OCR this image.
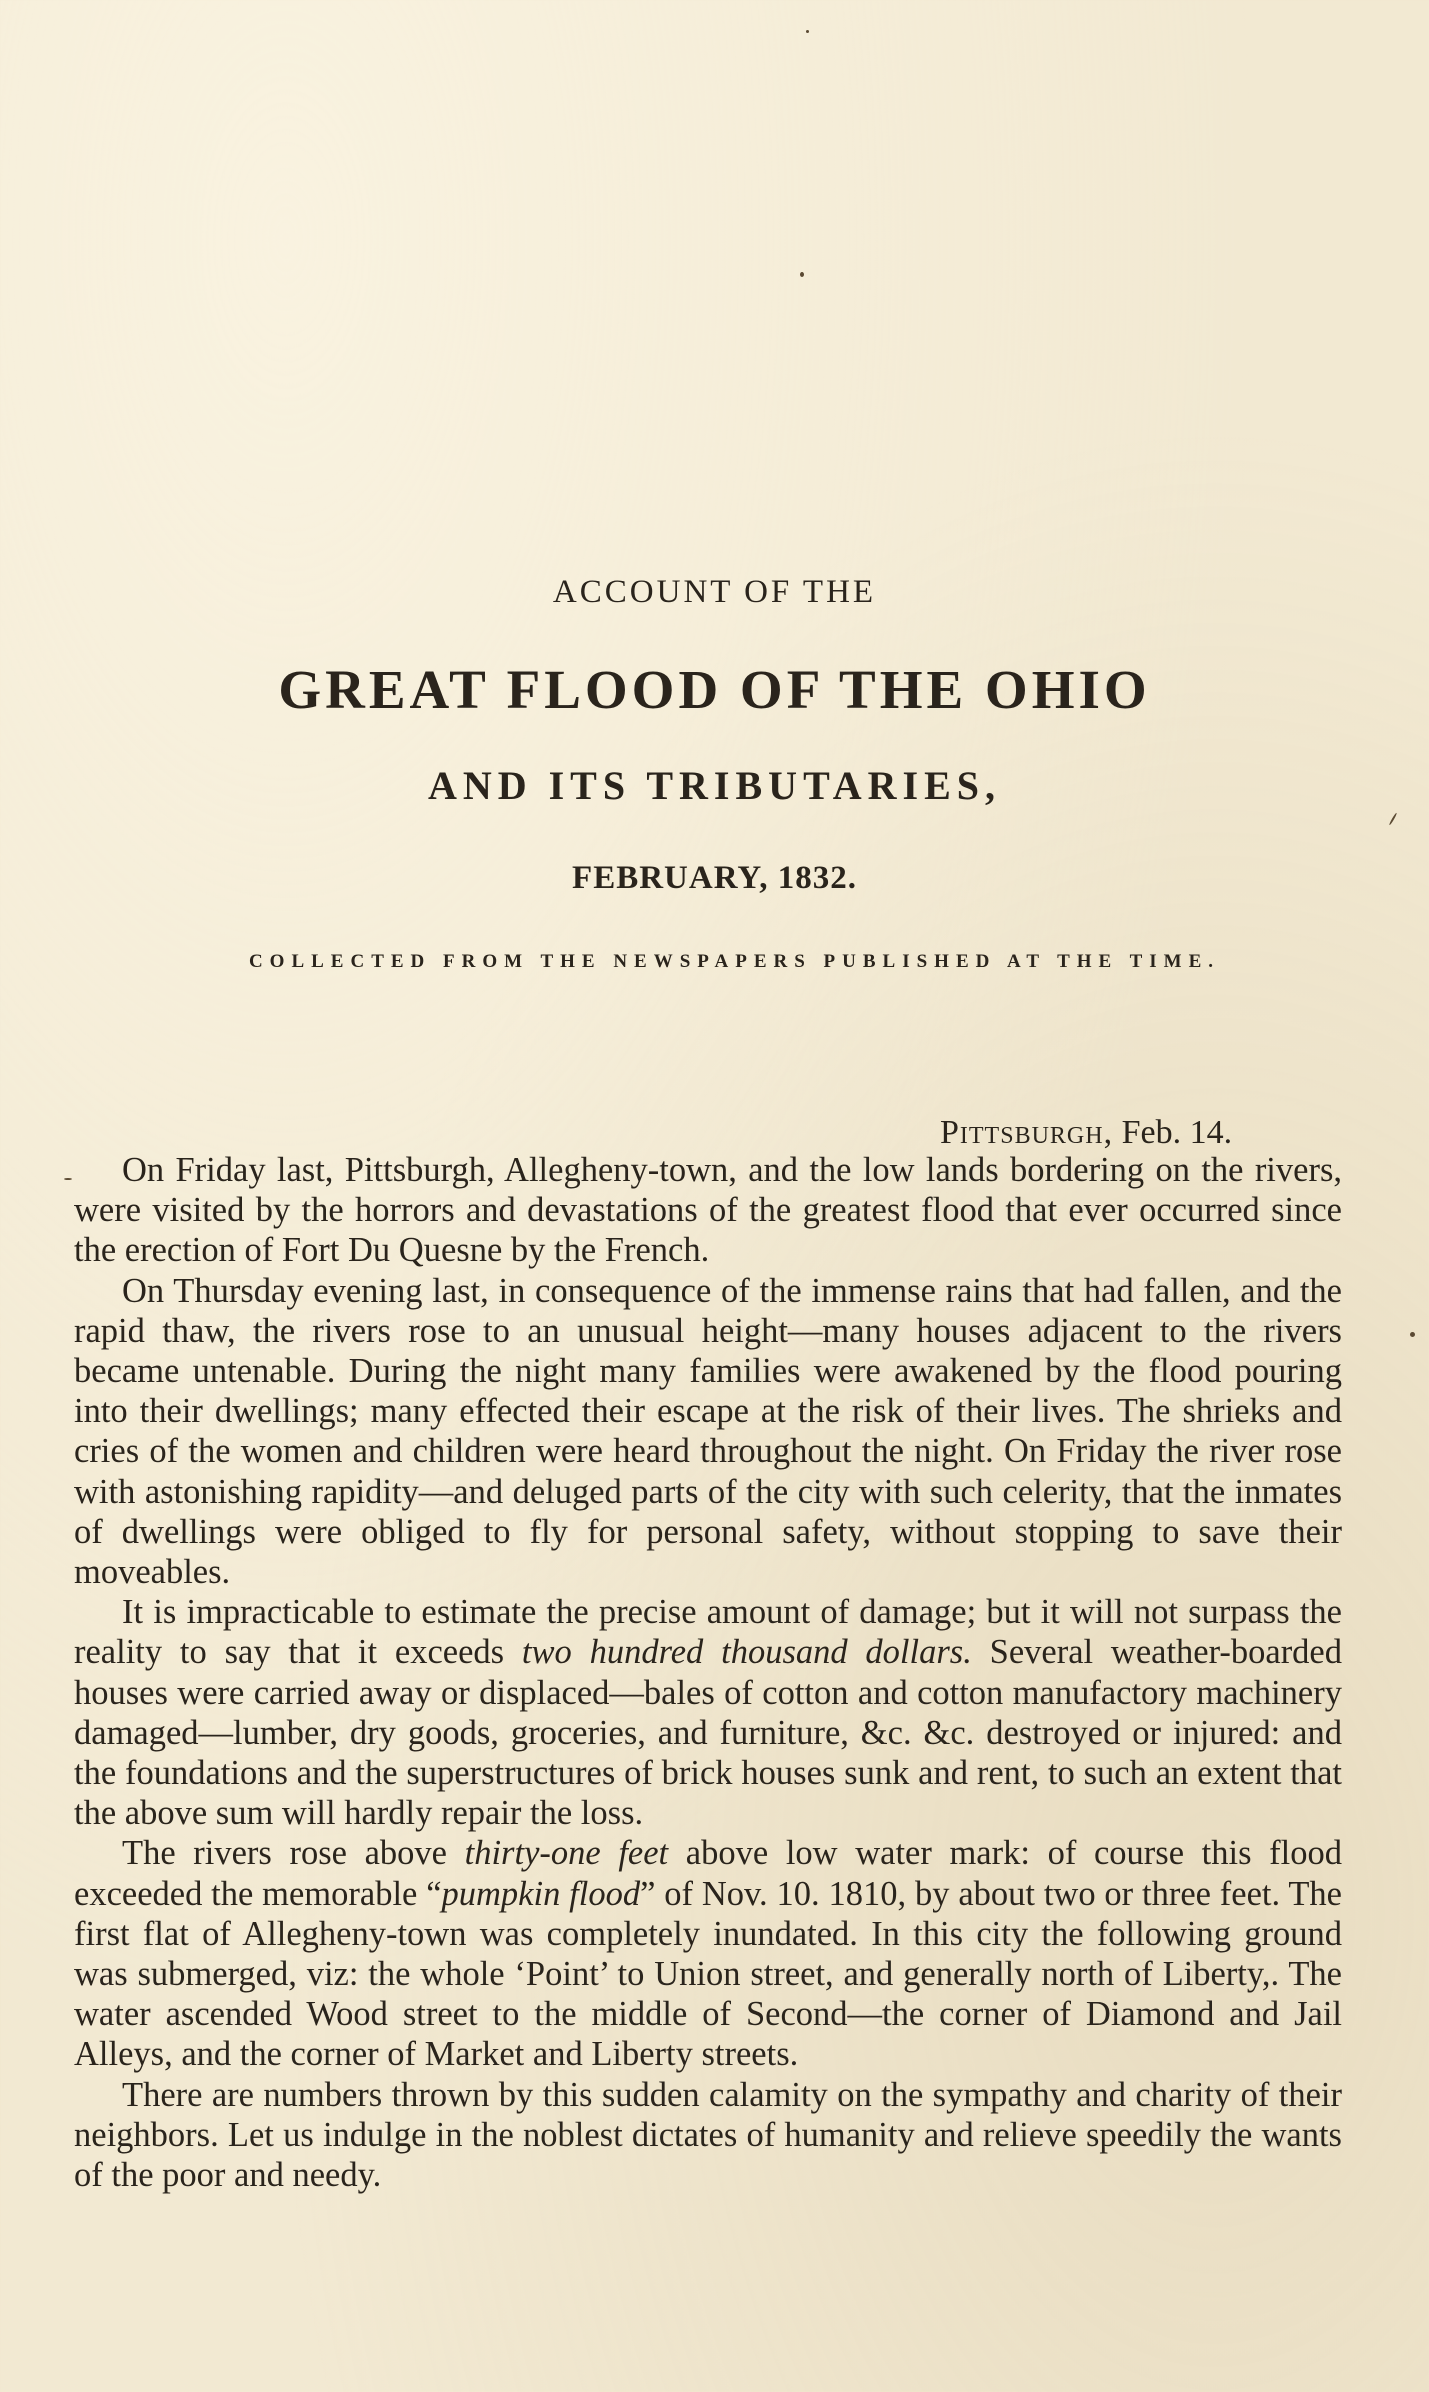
ACCOUNT OF THE
GREAT FLOOD OF THE OHIO
AND ITS TRIBUTARIES,
FEBRUARY, 1832.
COLLECTED FROM THE NEWSPAPERS PUBLISHED AT THE TIME.
Pittsburgh, Feb. 14.

On Friday last, Pittsburgh, Allegheny-town, and the low lands bordering on the rivers, were visited by the horrors and devastations of the greatest flood that ever occurred since the erection of Fort Du Quesne by the French.

On Thursday evening last, in consequence of the immense rains that had fallen, and the rapid thaw, the rivers rose to an unusual height—many houses adjacent to the rivers became untenable. During the night many families were awakened by the flood pouring into their dwellings; many effected their escape at the risk of their lives. The shrieks and cries of the women and children were heard throughout the night. On Friday the river rose with astonishing rapidity—and deluged parts of the city with such celerity, that the inmates of dwellings were obliged to fly for personal safety, without stopping to save their moveables.

It is impracticable to estimate the precise amount of damage; but it will not surpass the reality to say that it exceeds two hundred thousand dollars. Several weather-boarded houses were carried away or displaced—bales of cotton and cotton manufactory machinery damaged—lumber, dry goods, groceries, and furniture, &c. &c. destroyed or injured: and the foundations and the superstructures of brick houses sunk and rent, to such an extent that the above sum will hardly repair the loss.

The rivers rose above thirty-one feet above low water mark: of course this flood exceeded the memorable “pumpkin flood” of Nov. 10. 1810, by about two or three feet. The first flat of Allegheny-town was completely inundated. In this city the following ground was submerged, viz: the whole ‘Point’ to Union street, and generally north of Liberty,. The water ascended Wood street to the middle of Second—the corner of Diamond and Jail Alleys, and the corner of Market and Liberty streets.

There are numbers thrown by this sudden calamity on the sympathy and charity of their neighbors. Let us indulge in the noblest dictates of humanity and relieve speedily the wants of the poor and needy.
